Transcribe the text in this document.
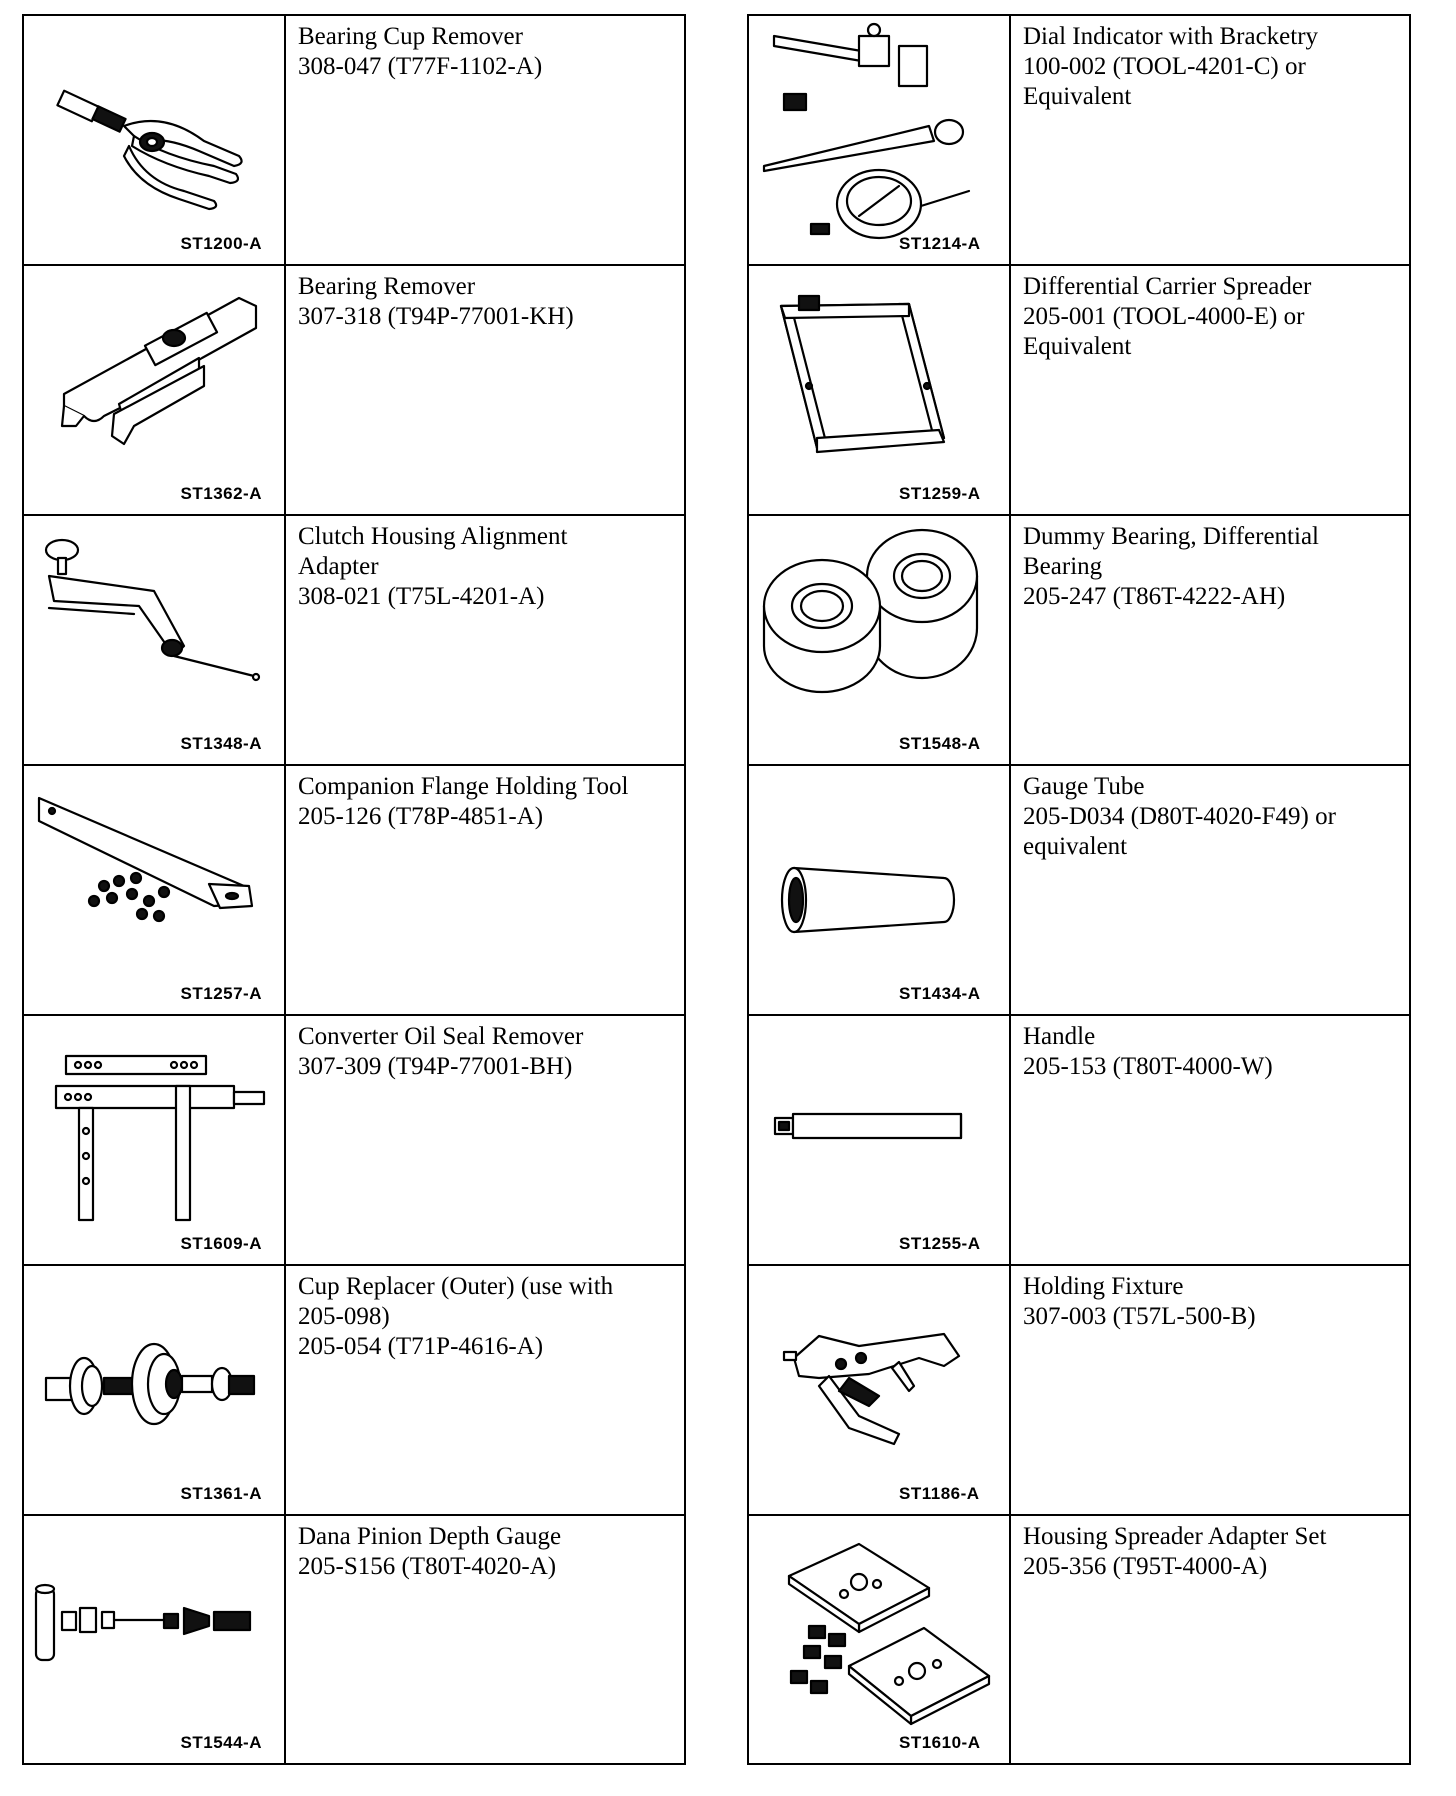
ST1200-A
Bearing Cup Remover
308-047 (T77F-1102-A)
ST1362-A
Bearing Remover
307-318 (T94P-77001-KH)
ST1348-A
Clutch Housing Alignment
Adapter
308-021 (T75L-4201-A)
ST1257-A
Companion Flange Holding Tool
205-126 (T78P-4851-A)
ST1609-A
Converter Oil Seal Remover
307-309 (T94P-77001-BH)
ST1361-A
Cup Replacer (Outer) (use with
205-098)
205-054 (T71P-4616-A)
ST1544-A
Dana Pinion Depth Gauge
205-S156 (T80T-4020-A)
ST1214-A
Dial Indicator with Bracketry
100-002 (TOOL-4201-C) or
Equivalent
ST1259-A
Differential Carrier Spreader
205-001 (TOOL-4000-E) or
Equivalent
ST1548-A
Dummy Bearing, Differential
Bearing
205-247 (T86T-4222-AH)
ST1434-A
Gauge Tube
205-D034 (D80T-4020-F49) or
equivalent
ST1255-A
Handle
205-153 (T80T-4000-W)
ST1186-A
Holding Fixture
307-003 (T57L-500-B)
ST1610-A
Housing Spreader Adapter Set
205-356 (T95T-4000-A)
